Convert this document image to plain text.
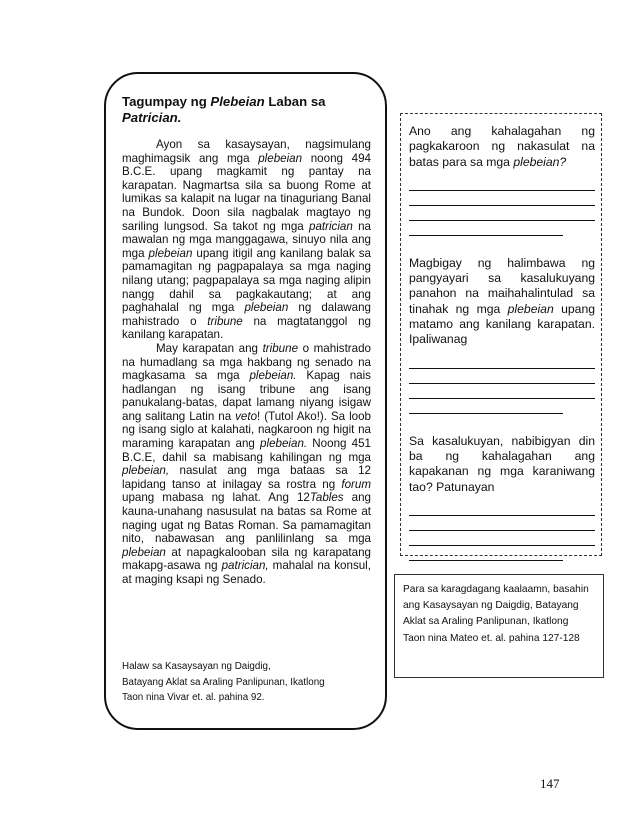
Tagumpay ng Plebeian Laban sa
Patrician.

Ayon sa kasaysayan, nagsimulang maghimagsik ang mga plebeian noong 494 B.C.E. upang magkamit ng pantay na karapatan. Nagmartsa sila sa buong Rome at lumikas sa kalapit na lugar na tinaguriang Banal na Bundok. Doon sila nagbalak magtayo ng sariling lungsod. Sa takot ng mga patrician na mawalan ng mga manggagawa, sinuyo nila ang mga plebeian upang itigil ang kanilang balak sa pamamagitan ng pagpapalaya sa mga naging nilang utang; pagpapalaya sa mga naging alipin nangg dahil sa pagkakautang; at ang paghahalal ng mga plebeian ng dalawang mahistrado o tribune na magtatanggol ng kanilang karapatan.

May karapatan ang tribune o mahistrado na humadlang sa mga hakbang ng senado na magkasama sa mga plebeian. Kapag nais hadlangan ng isang tribune ang isang panukalang-batas, dapat lamang niyang isigaw ang salitang Latin na veto! (Tutol Ako!). Sa loob ng isang siglo at kalahati, nagkaroon ng higit na maraming karapatan ang plebeian. Noong 451 B.C.E, dahil sa mabisang kahilingan ng mga plebeian, nasulat ang mga bataas sa 12 lapidang tanso at inilagay sa rostra ng forum upang mabasa ng lahat. Ang 12Tables ang kauna-unahang nasusulat na batas sa Rome at naging ugat ng Batas Roman. Sa pamamagitan nito, nabawasan ang panlilinlang sa mga plebeian at napagkalooban sila ng karapatang makapg-asawa ng patrician, mahalal na konsul, at maging ksapi ng Senado.

Halaw sa Kasaysayan ng Daigdig,
Batayang Aklat sa Araling Panlipunan, Ikatlong
Taon nina Vivar et. al. pahina 92.

Ano ang kahalagahan ng pagkakaroon ng nakasulat na batas para sa mga plebeian?

Magbigay ng halimbawa ng pangyayari sa kasalukuyang panahon na maihahalintulad sa tinahak ng mga plebeian upang matamo ang kanilang karapatan. Ipaliwanag

Sa kasalukuyan, nabibigyan din ba ng kahalagahan ang kapakanan ng mga karaniwang tao? Patunayan

Para sa karagdagang kaalaamn, basahin
ang Kasaysayan ng Daigdig, Batayang
Aklat sa Araling Panlipunan, Ikatlong
Taon nina Mateo et. al. pahina 127-128
147
